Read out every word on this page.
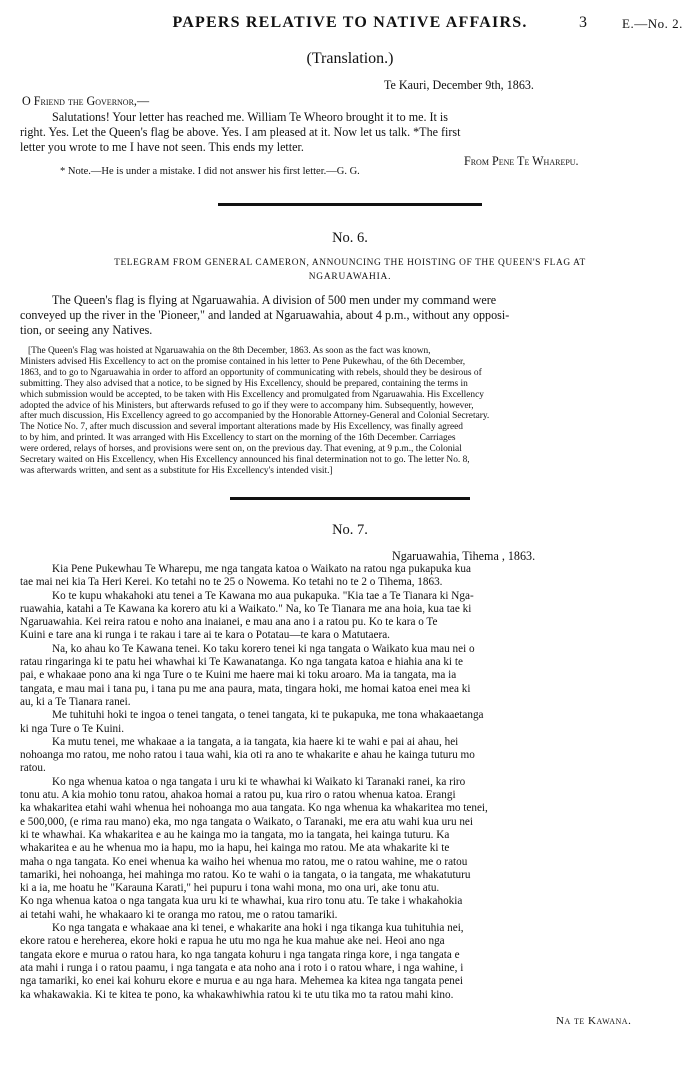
PAPERS RELATIVE TO NATIVE AFFAIRS.	3	E.—No. 2.
(Translation.)
Te Kauri, December 9th, 1863.
O Friend the Governor,—
Salutations! Your letter has reached me. William Te Wheoro brought it to me. It is
right. Yes. Let the Queen's flag be above. Yes. I am pleased at it. Now let us talk. *The first
letter you wrote to me I have not seen. This ends my letter.
From Pene Te Wharepu.
* Note.—He is under a mistake. I did not answer his first letter.—G. G.
No. 6.
TELEGRAM FROM GENERAL CAMERON, ANNOUNCING THE HOISTING OF THE QUEEN'S FLAG AT
NGARUAWAHIA.
The Queen's flag is flying at Ngaruawahia. A division of 500 men under my command were
conveyed up the river in the 'Pioneer," and landed at Ngaruawahia, about 4 p.m., without any opposi-
tion, or seeing any Natives.
[The Queen's Flag was hoisted at Ngaruawahia on the 8th December, 1863. As soon as the fact was known,
Ministers advised His Excellency to act on the promise contained in his letter to Pene Pukewhau, of the 6th December,
1863, and to go to Ngaruawahia in order to afford an opportunity of communicating with rebels, should they be desirous of
submitting. They also advised that a notice, to be signed by His Excellency, should be prepared, containing the terms in
which submission would be accepted, to be taken with His Excellency and promulgated from Ngaruawahia. His Excellency
adopted the advice of his Ministers, but afterwards refused to go if they were to accompany him. Subsequently, however,
after much discussion, His Excellency agreed to go accompanied by the Honorable Attorney-General and Colonial Secretary.
The Notice No. 7, after much discussion and several important alterations made by His Excellency, was finally agreed
to by him, and printed. It was arranged with His Excellency to start on the morning of the 16th December. Carriages
were ordered, relays of horses, and provisions were sent on, on the previous day. That evening, at 9 p.m., the Colonial
Secretary waited on His Excellency, when His Excellency announced his final determination not to go. The letter No. 8,
was afterwards written, and sent as a substitute for His Excellency's intended visit.]
No. 7.
Ngaruawahia, Tihema , 1863.
Kia Pene Pukewhau Te Wharepu, me nga tangata katoa o Waikato na ratou nga pukapuka kua
tae mai nei kia Ta Heri Kerei. Ko tetahi no te 25 o Nowema. Ko tetahi no te 2 o Tihema, 1863.
Ko te kupu whakahoki atu tenei a Te Kawana mo aua pukapuka. "Kia tae a Te Tianara ki Nga-
ruawahia, katahi a Te Kawana ka korero atu ki a Waikato." Na, ko Te Tianara me ana hoia, kua tae ki
Ngaruawahia. Kei reira ratou e noho ana inaianei, e mau ana ano i a ratou pu. Ko te kara o Te
Kuini e tare ana ki runga i te rakau i tare ai te kara o Potatau—te kara o Matutaera.
Na, ko ahau ko Te Kawana tenei. Ko taku korero tenei ki nga tangata o Waikato kua mau nei o
ratau ringaringa ki te patu hei whawhai ki Te Kawanatanga. Ko nga tangata katoa e hiahia ana ki te
pai, e whakaae pono ana ki nga Ture o te Kuini me haere mai ki toku aroaro. Ma ia tangata, ma ia
tangata, e mau mai i tana pu, i tana pu me ana paura, mata, tingara hoki, me homai katoa enei mea ki
au, ki a Te Tianara ranei.
Me tuhituhi hoki te ingoa o tenei tangata, o tenei tangata, ki te pukapuka, me tona whakaaetanga
ki nga Ture o Te Kuini.
Ka mutu tenei, me whakaae a ia tangata, a ia tangata, kia haere ki te wahi e pai ai ahau, hei
nohoanga mo ratou, me noho ratou i taua wahi, kia oti ra ano te whakarite e ahau he kainga tuturu mo
ratou.
Ko nga whenua katoa o nga tangata i uru ki te whawhai ki Waikato ki Taranaki ranei, ka riro
tonu atu. A kia mohio tonu ratou, ahakoa homai a ratou pu, kua riro o ratou whenua katoa. Erangi
ka whakaritea etahi wahi whenua hei nohoanga mo aua tangata. Ko nga whenua ka whakaritea mo tenei,
e 500,000, (e rima rau mano) eka, mo nga tangata o Waikato, o Taranaki, me era atu wahi kua uru nei
ki te whawhai. Ka whakaritea e au he kainga mo ia tangata, mo ia tangata, hei kainga tuturu. Ka
whakaritea e au he whenua mo ia hapu, mo ia hapu, hei kainga mo ratou. Me ata whakarite ki te
maha o nga tangata. Ko enei whenua ka waiho hei whenua mo ratou, me o ratou wahine, me o ratou
tamariki, hei nohoanga, hei mahinga mo ratou. Ko te wahi o ia tangata, o ia tangata, me whakatuturu
ki a ia, me hoatu he "Karauna Karati," hei pupuru i tona wahi mona, mo ona uri, ake tonu atu.
Ko nga whenua katoa o nga tangata kua uru ki te whawhai, kua riro tonu atu. Te take i whakahokia
ai tetahi wahi, he whakaaro ki te oranga mo ratou, me o ratou tamariki.
Ko nga tangata e whakaae ana ki tenei, e whakarite ana hoki i nga tikanga kua tuhituhia nei,
ekore ratou e hereherea, ekore hoki e rapua he utu mo nga he kua mahue ake nei. Heoi ano nga
tangata ekore e murua o ratou hara, ko nga tangata kohuru i nga tangata ringa kore, i nga tangata e
ata mahi i runga i o ratou paamu, i nga tangata e ata noho ana i roto i o ratou whare, i nga wahine, i
nga tamariki, ko enei kai kohuru ekore e murua e au nga hara. Mehemea ka kitea nga tangata penei
ka whakawakia. Ki te kitea te pono, ka whakawhiwhia ratou ki te utu tika mo ta ratou mahi kino.
Na te Kawana.
